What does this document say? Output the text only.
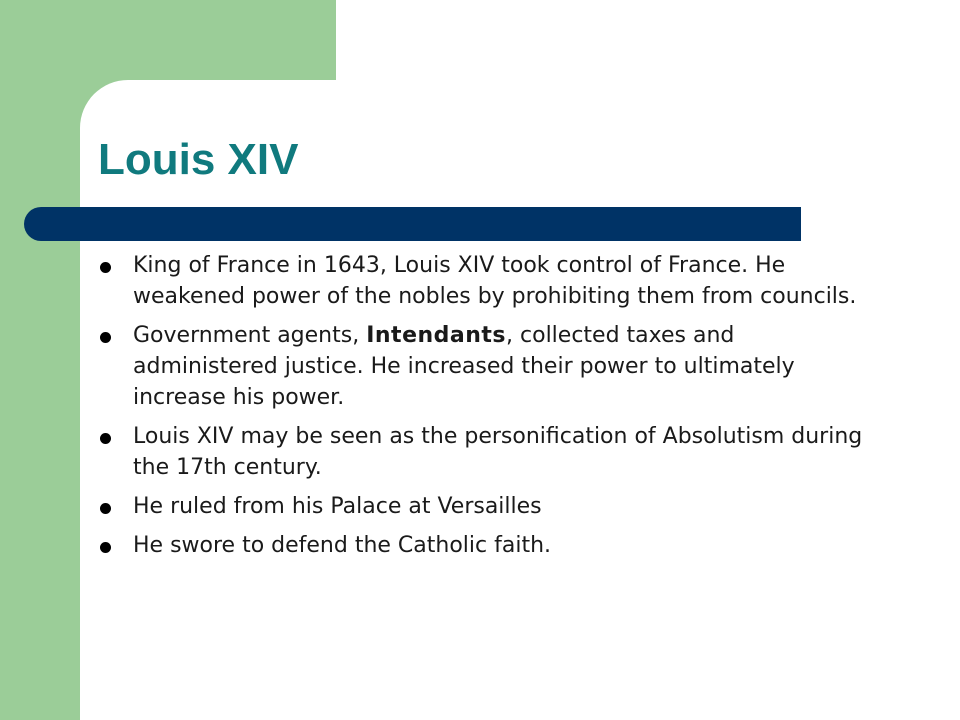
Louis XIV
King of France in 1643, Louis XIV took control of France. He weakened power of the nobles by prohibiting them from councils.
Government agents, Intendants, collected taxes and administered justice. He increased their power to ultimately increase his power.
Louis XIV may be seen as the personification of Absolutism during the 17th century.
He ruled from his Palace at Versailles
He swore to defend the Catholic faith.
